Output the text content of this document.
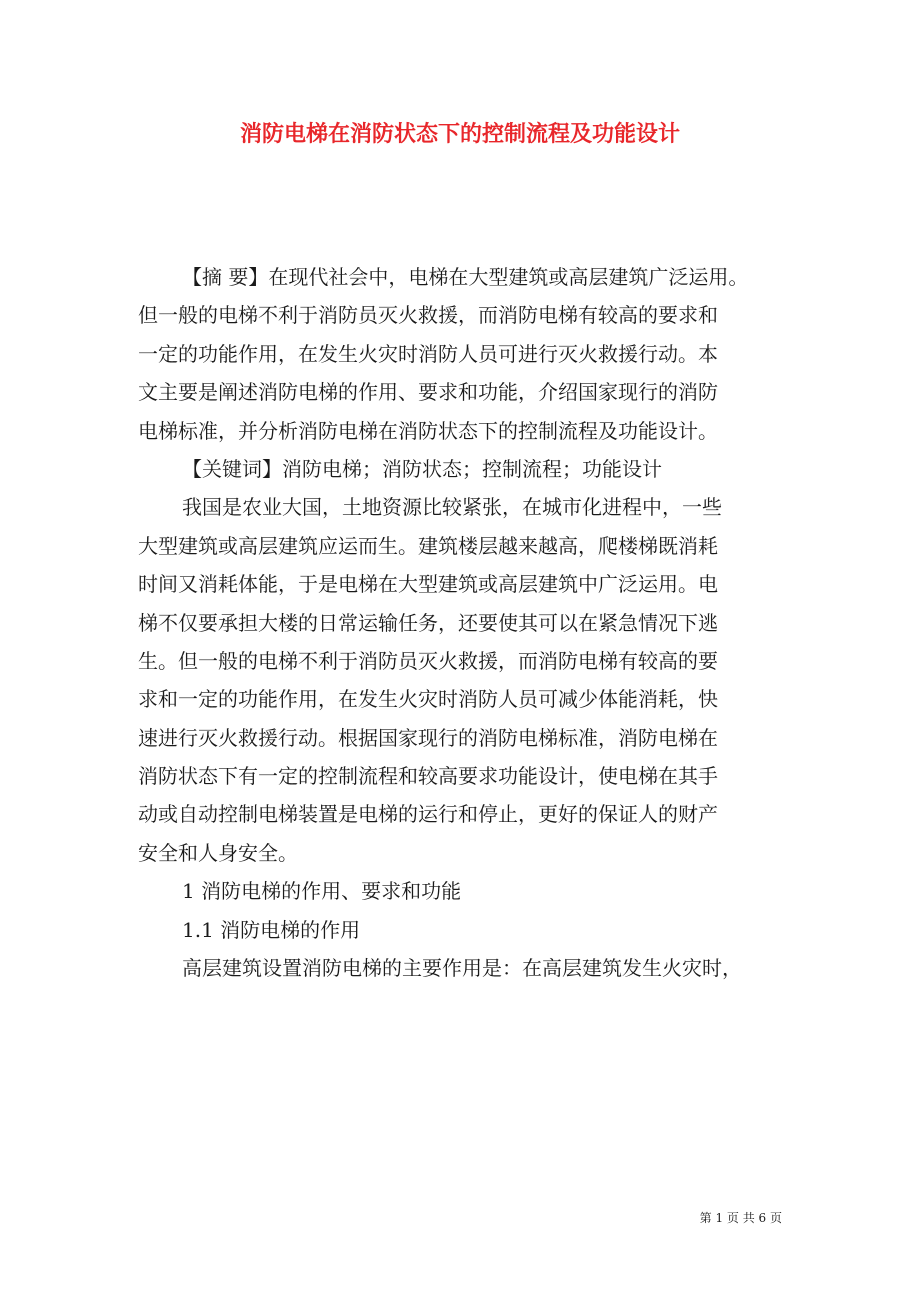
消防电梯在消防状态下的控制流程及功能设计
【摘 要】在现代社会中，电梯在大型建筑或高层建筑广泛运用。
但一般的电梯不利于消防员灭火救援，而消防电梯有较高的要求和
一定的功能作用，在发生火灾时消防人员可进行灭火救援行动。本
文主要是阐述消防电梯的作用、要求和功能，介绍国家现行的消防
电梯标准，并分析消防电梯在消防状态下的控制流程及功能设计。
【关键词】消防电梯；消防状态；控制流程；功能设计
我国是农业大国，土地资源比较紧张，在城市化进程中，一些
大型建筑或高层建筑应运而生。建筑楼层越来越高，爬楼梯既消耗
时间又消耗体能，于是电梯在大型建筑或高层建筑中广泛运用。电
梯不仅要承担大楼的日常运输任务，还要使其可以在紧急情况下逃
生。但一般的电梯不利于消防员灭火救援，而消防电梯有较高的要
求和一定的功能作用，在发生火灾时消防人员可减少体能消耗，快
速进行灭火救援行动。根据国家现行的消防电梯标准，消防电梯在
消防状态下有一定的控制流程和较高要求功能设计，使电梯在其手
动或自动控制电梯装置是电梯的运行和停止，更好的保证人的财产
安全和人身安全。
1 消防电梯的作用、要求和功能
1.1 消防电梯的作用
高层建筑设置消防电梯的主要作用是：在高层建筑发生火灾时，
第 1 页 共 6 页
